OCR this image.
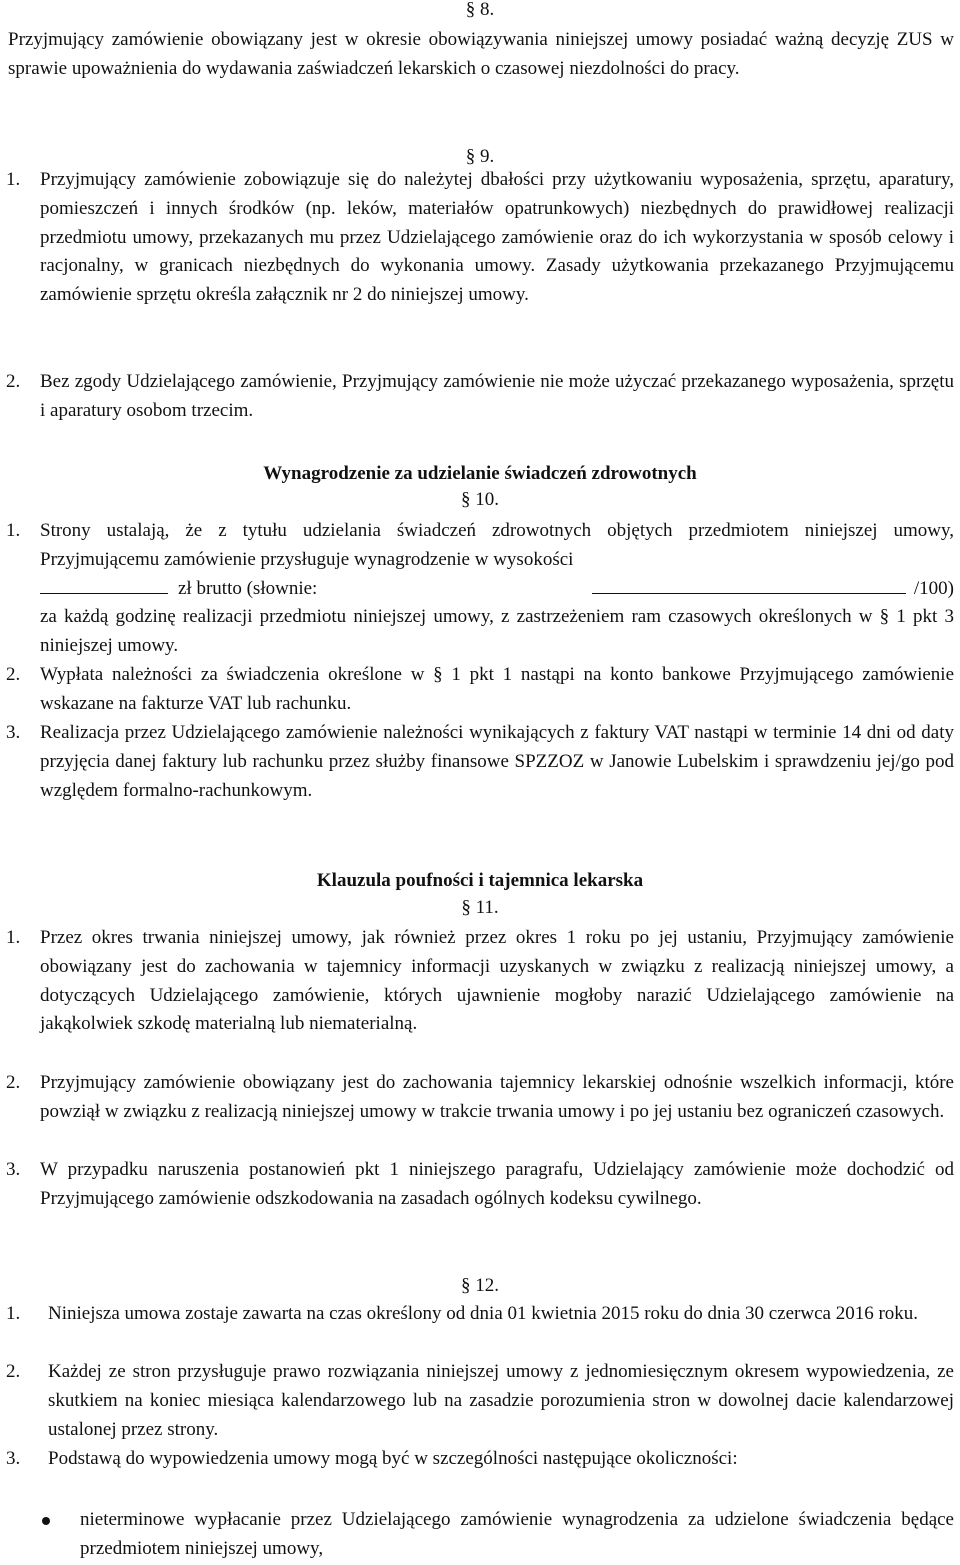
§ 8.

Przyjmujący zamówienie obowiązany jest w okresie obowiązywania niniejszej umowy posiadać ważną decyzję ZUS w sprawie upoważnienia do wydawania zaświadczeń lekarskich o czasowej niezdolności do pracy.

§ 9.

1. Przyjmujący zamówienie zobowiązuje się do należytej dbałości przy użytkowaniu wyposażenia, sprzętu, aparatury, pomieszczeń i innych środków (np. leków, materiałów opatrunkowych) niezbędnych do prawidłowej realizacji przedmiotu umowy, przekazanych mu przez Udzielającego zamówienie oraz do ich wykorzystania w sposób celowy i racjonalny, w granicach niezbędnych do wykonania umowy. Zasady użytkowania przekazanego Przyjmującemu zamówienie sprzętu określa załącznik nr 2 do niniejszej umowy.
2. Bez zgody Udzielającego zamówienie, Przyjmujący zamówienie nie może użyczać przekazanego wyposażenia, sprzętu i aparatury osobom trzecim.

Wynagrodzenie za udzielanie świadczeń zdrowotnych

§ 10.

1. Strony ustalają, że z tytułu udzielania świadczeń zdrowotnych objętych przedmiotem niniejszej umowy, Przyjmującemu zamówienie przysługuje wynagrodzenie w wysokości
zł brutto (słownie:	/100)
za każdą godzinę realizacji przedmiotu niniejszej umowy, z zastrzeżeniem ram czasowych określonych w § 1 pkt 3 niniejszej umowy.
2. Wypłata należności za świadczenia określone w § 1 pkt 1 nastąpi na konto bankowe Przyjmującego zamówienie wskazane na fakturze VAT lub rachunku.
3. Realizacja przez Udzielającego zamówienie należności wynikających z faktury VAT nastąpi w terminie 14 dni od daty przyjęcia danej faktury lub rachunku przez służby finansowe SPZZOZ w Janowie Lubelskim i sprawdzeniu jej/go pod względem formalno-rachunkowym.

Klauzula poufności i tajemnica lekarska

§ 11.

1. Przez okres trwania niniejszej umowy, jak również przez okres 1 roku po jej ustaniu, Przyjmujący zamówienie obowiązany jest do zachowania w tajemnicy informacji uzyskanych w związku z realizacją niniejszej umowy, a dotyczących Udzielającego zamówienie, których ujawnienie mogłoby narazić Udzielającego zamówienie na jakąkolwiek szkodę materialną lub niematerialną.
2. Przyjmujący zamówienie obowiązany jest do zachowania tajemnicy lekarskiej odnośnie wszelkich informacji, które powziął w związku z realizacją niniejszej umowy w trakcie trwania umowy i po jej ustaniu bez ograniczeń czasowych.
3. W przypadku naruszenia postanowień pkt 1 niniejszego paragrafu, Udzielający zamówienie może dochodzić od Przyjmującego zamówienie odszkodowania na zasadach ogólnych kodeksu cywilnego.

§ 12.

1. Niniejsza umowa zostaje zawarta na czas określony od dnia 01 kwietnia 2015 roku do dnia 30 czerwca 2016 roku.
2. Każdej ze stron przysługuje prawo rozwiązania niniejszej umowy z jednomiesięcznym okresem wypowiedzenia, ze skutkiem na koniec miesiąca kalendarzowego lub na zasadzie porozumienia stron w dowolnej dacie kalendarzowej ustalonej przez strony.
3. Podstawą do wypowiedzenia umowy mogą być w szczególności następujące okoliczności:
nieterminowe wypłacanie przez Udzielającego zamówienie wynagrodzenia za udzielone świadczenia będące przedmiotem niniejszej umowy,
